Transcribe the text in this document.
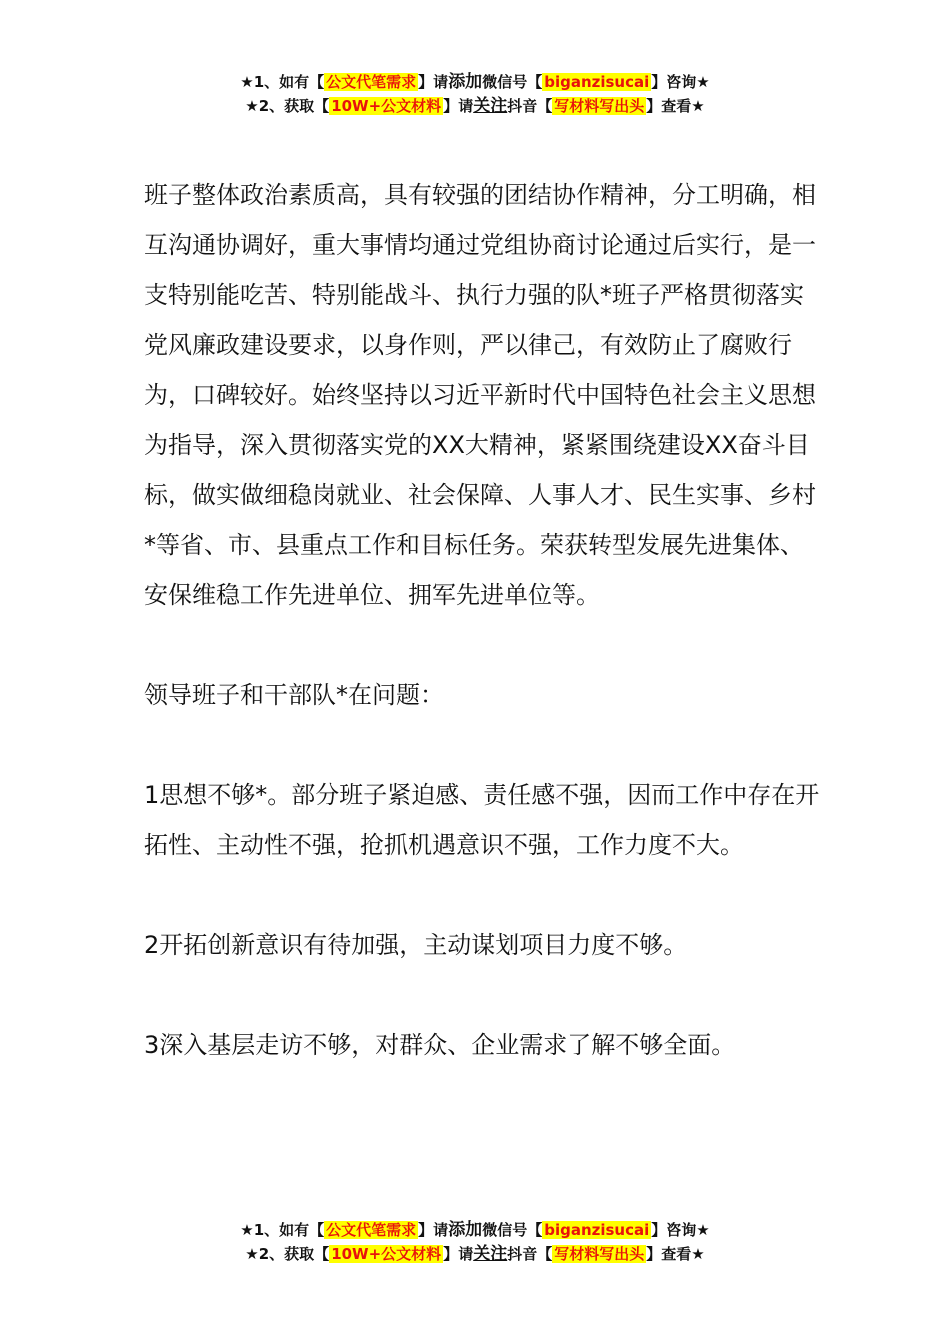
★1、如有【 公文代笔需求 】请添加微信号【 biganzisucai 】咨询★
★2、获取【 10W+公文材料 】请关注抖音【 写材料写出头 】查看★

班子整体政治素质高，具有较强的团结协作精神，分工明确，相互沟通协调好，重大事情均通过党组协商讨论通过后实行，是一支特别能吃苦、特别能战斗、执行力强的队*班子严格贯彻落实党风廉政建设要求，以身作则，严以律己，有效防止了腐败行为，口碑较好。始终坚持以习近平新时代中国特色社会主义思想为指导，深入贯彻落实党的XX大精神，紧紧围绕建设XX奋斗目标，做实做细稳岗就业、社会保障、人事人才、民生实事、乡村*等省、市、县重点工作和目标任务。荣获转型发展先进集体、安保维稳工作先进单位、拥军先进单位等。

领导班子和干部队*在问题：

1思想不够*。部分班子紧迫感、责任感不强，因而工作中存在开拓性、主动性不强，抢抓机遇意识不强，工作力度不大。

2开拓创新意识有待加强，主动谋划项目力度不够。

3深入基层走访不够，对群众、企业需求了解不够全面。

★1、如有【 公文代笔需求 】请添加微信号【 biganzisucai 】咨询★
★2、获取【 10W+公文材料 】请关注抖音【 写材料写出头 】查看★
